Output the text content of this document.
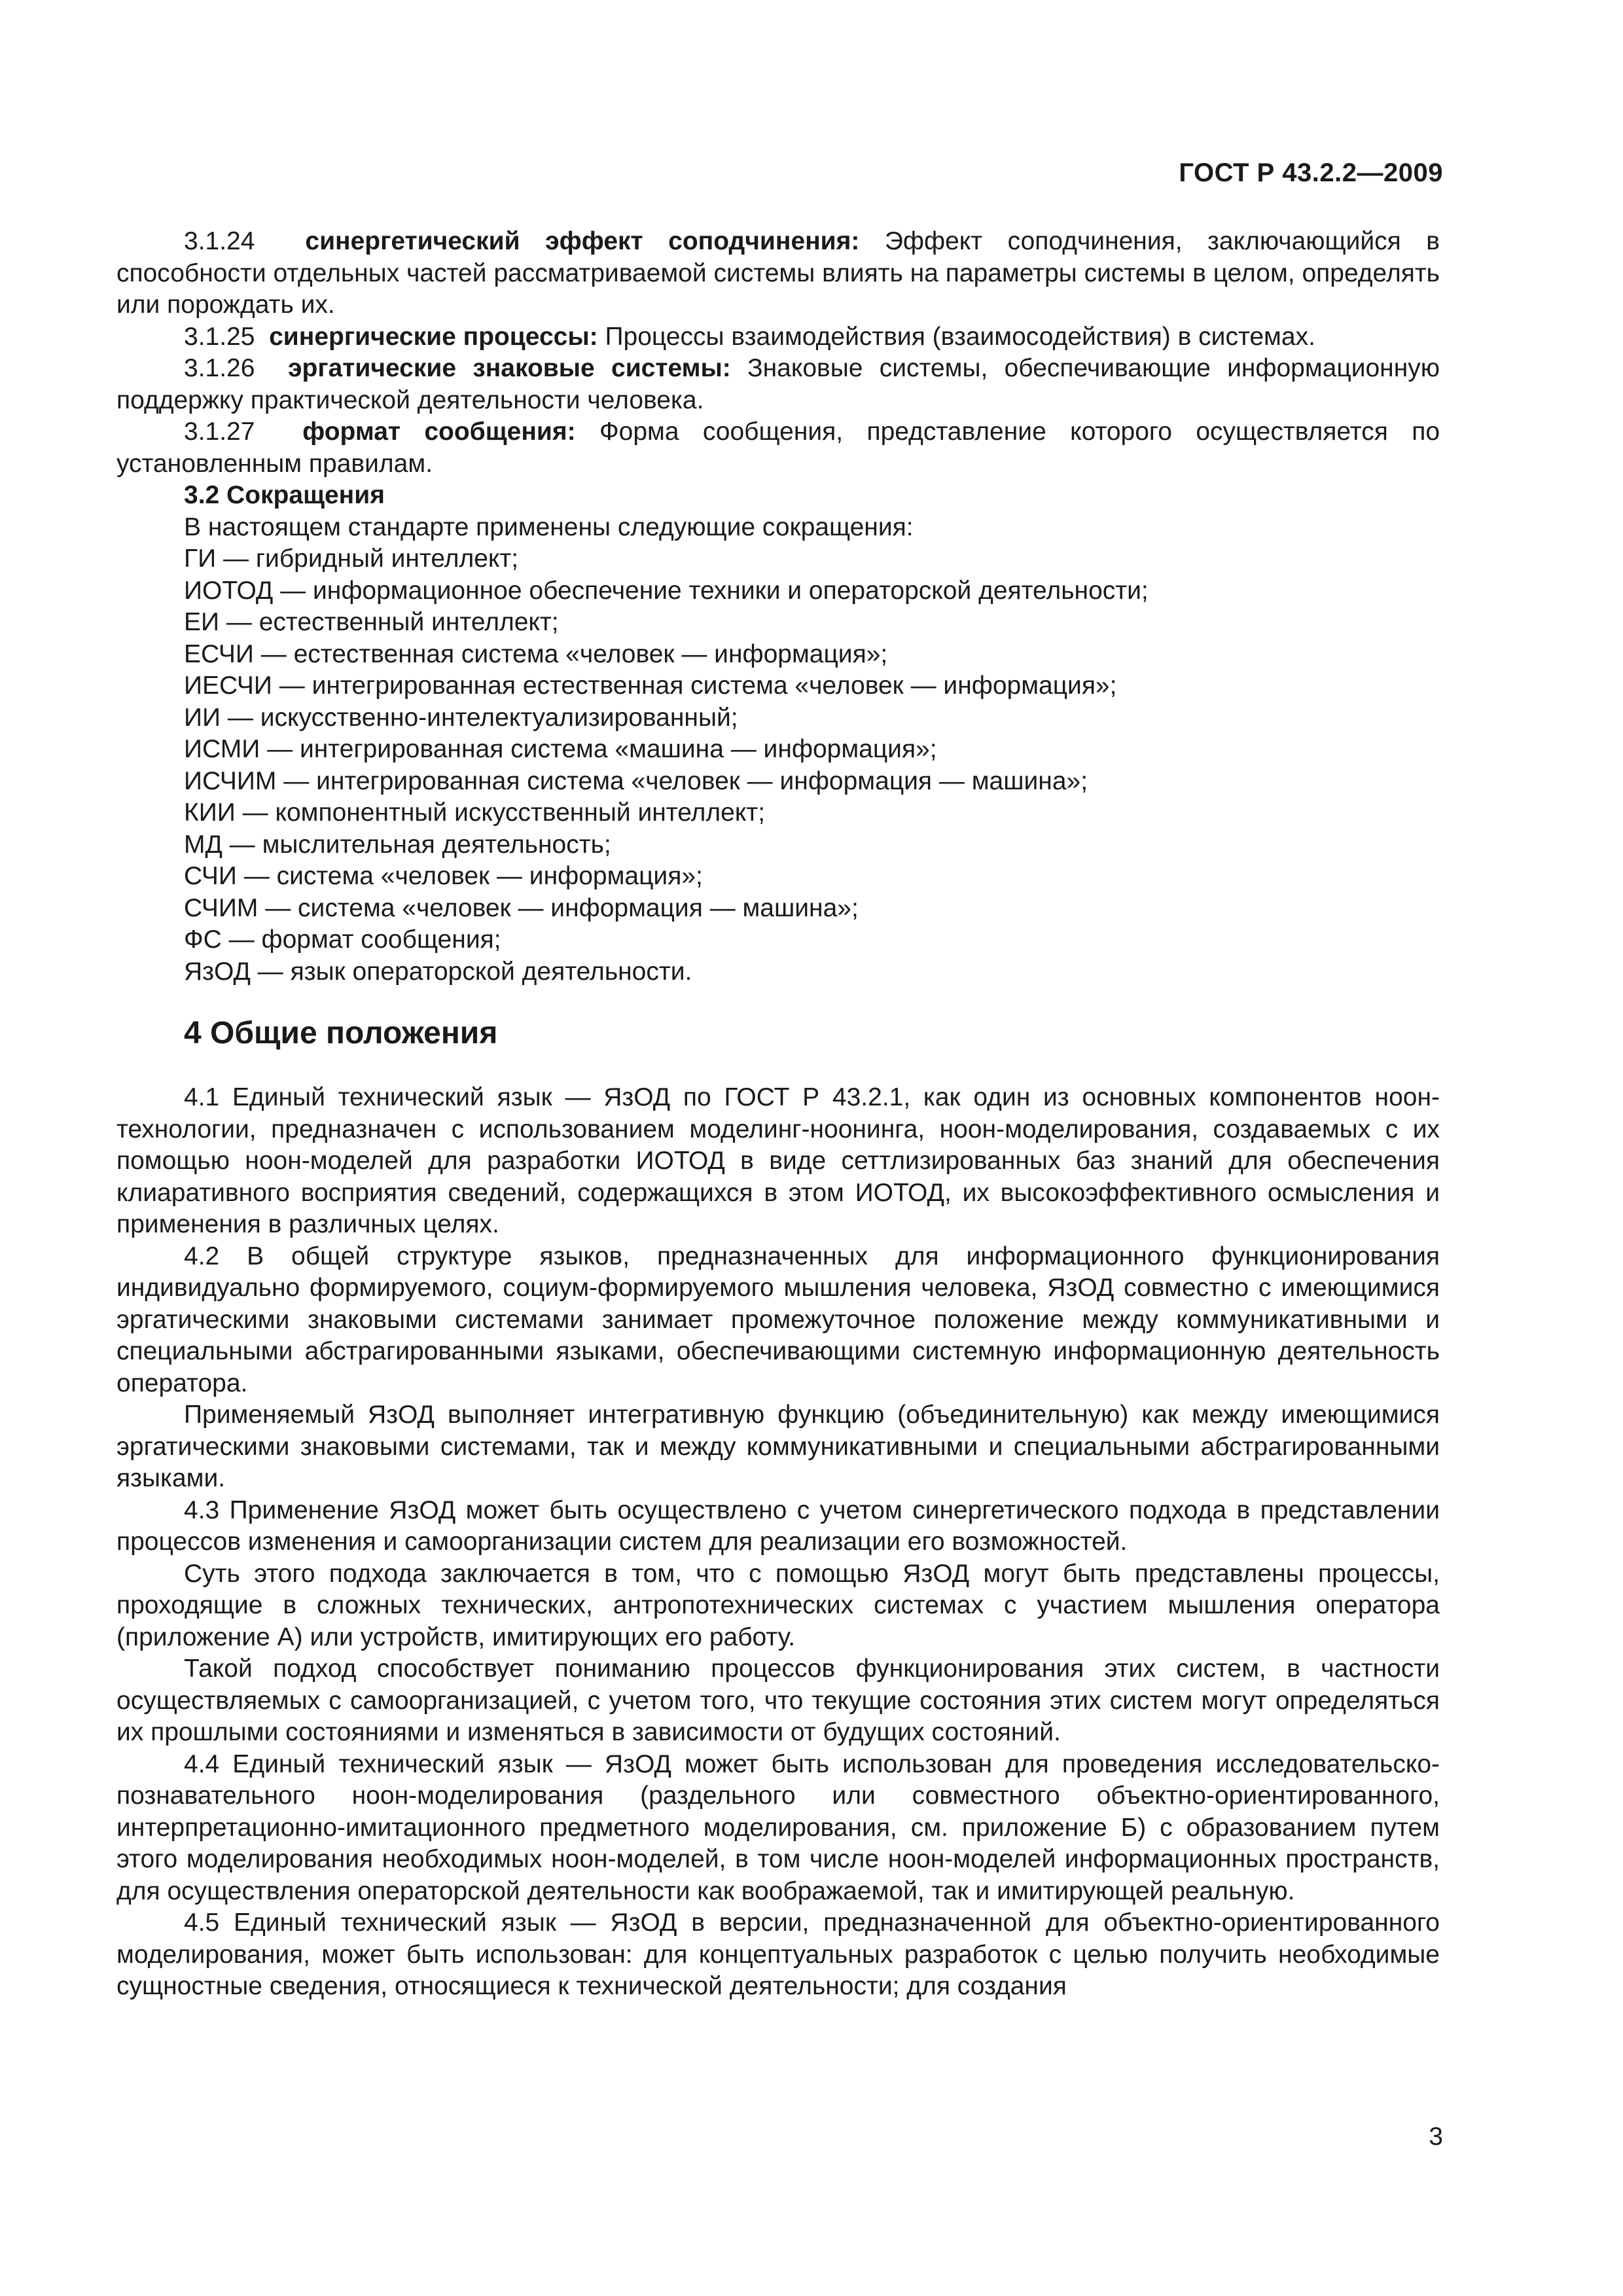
ГОСТ Р 43.2.2—2009

3.1.24 синергетический эффект соподчинения: Эффект соподчинения, заключающийся в способности отдельных частей рассматриваемой системы влиять на параметры системы в целом, определять или порождать их.

3.1.25 синергические процессы: Процессы взаимодействия (взаимосодействия) в системах.

3.1.26 эргатические знаковые системы: Знаковые системы, обеспечивающие информационную поддержку практической деятельности человека.

3.1.27 формат сообщения: Форма сообщения, представление которого осуществляется по установленным правилам.

3.2 Сокращения

В настоящем стандарте применены следующие сокращения:

ГИ — гибридный интеллект;
ИОТОД — информационное обеспечение техники и операторской деятельности;
ЕИ — естественный интеллект;
ЕСЧИ — естественная система «человек — информация»;
ИЕСЧИ — интегрированная естественная система «человек — информация»;
ИИ — искусственно-интелектуализированный;
ИСМИ — интегрированная система «машина — информация»;
ИСЧИМ — интегрированная система «человек — информация — машина»;
КИИ — компонентный искусственный интеллект;
МД — мыслительная деятельность;
СЧИ — система «человек — информация»;
СЧИМ — система «человек — информация — машина»;
ФС — формат сообщения;
ЯзОД — язык операторской деятельности.
4 Общие положения

4.1 Единый технический язык — ЯзОД по ГОСТ Р 43.2.1, как один из основных компонентов ноон-технологии, предназначен с использованием моделинг-ноонинга, ноон-моделирования, создаваемых с их помощью ноон-моделей для разработки ИОТОД в виде сеттлизированных баз знаний для обеспечения клиаративного восприятия сведений, содержащихся в этом ИОТОД, их высокоэффективного осмысления и применения в различных целях.

4.2 В общей структуре языков, предназначенных для информационного функционирования индивидуально формируемого, социум-формируемого мышления человека, ЯзОД совместно с имеющимися эргатическими знаковыми системами занимает промежуточное положение между коммуникативными и специальными абстрагированными языками, обеспечивающими системную информационную деятельность оператора.

Применяемый ЯзОД выполняет интегративную функцию (объединительную) как между имеющимися эргатическими знаковыми системами, так и между коммуникативными и специальными абстрагированными языками.

4.3 Применение ЯзОД может быть осуществлено с учетом синергетического подхода в представлении процессов изменения и самоорганизации систем для реализации его возможностей.

Суть этого подхода заключается в том, что с помощью ЯзОД могут быть представлены процессы, проходящие в сложных технических, антропотехнических системах с участием мышления оператора (приложение А) или устройств, имитирующих его работу.

Такой подход способствует пониманию процессов функционирования этих систем, в частности осуществляемых с самоорганизацией, с учетом того, что текущие состояния этих систем могут определяться их прошлыми состояниями и изменяться в зависимости от будущих состояний.

4.4 Единый технический язык — ЯзОД может быть использован для проведения исследовательско-познавательного ноон-моделирования (раздельного или совместного объектно-ориентированного, интерпретационно-имитационного предметного моделирования, см. приложение Б) с образованием путем этого моделирования необходимых ноон-моделей, в том числе ноон-моделей информационных пространств, для осуществления операторской деятельности как воображаемой, так и имитирующей реальную.

4.5 Единый технический язык — ЯзОД в версии, предназначенной для объектно-ориентированного моделирования, может быть использован: для концептуальных разработок с целью получить необходимые сущностные сведения, относящиеся к технической деятельности; для создания

3
